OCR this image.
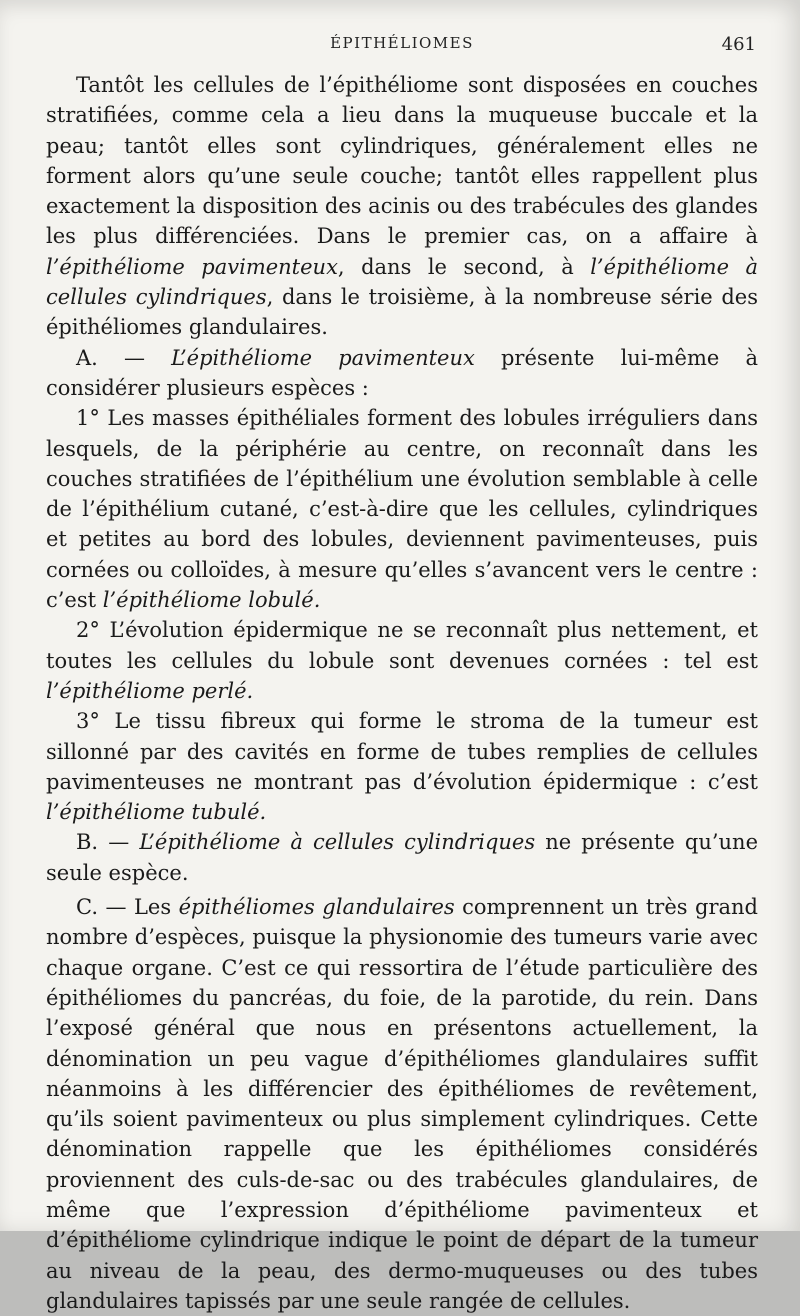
ÉPITHÉLIOMES	461

Tantôt les cellules de l’épithéliome sont disposées en couches stratifiées, comme cela a lieu dans la muqueuse buccale et la peau; tantôt elles sont cylindriques, généralement elles ne forment alors qu’une seule couche; tantôt elles rappellent plus exactement la disposition des acinis ou des trabécules des glandes les plus différenciées. Dans le premier cas, on a affaire à l’épithéliome pavimenteux, dans le second, à l’épithéliome à cellules cylindriques, dans le troisième, à la nombreuse série des épithéliomes glandulaires.

A. — L’épithéliome pavimenteux présente lui-même à considérer plusieurs espèces :

1° Les masses épithéliales forment des lobules irréguliers dans lesquels, de la périphérie au centre, on reconnaît dans les couches stratifiées de l’épithélium une évolution semblable à celle de l’épithélium cutané, c’est-à-dire que les cellules, cylindriques et petites au bord des lobules, deviennent pavimenteuses, puis cornées ou colloïdes, à mesure qu’elles s’avancent vers le centre : c’est l’épithéliome lobulé.

2° L’évolution épidermique ne se reconnaît plus nettement, et toutes les cellules du lobule sont devenues cornées : tel est l’épithéliome perlé.

3° Le tissu fibreux qui forme le stroma de la tumeur est sillonné par des cavités en forme de tubes remplies de cellules pavimenteuses ne montrant pas d’évolution épidermique : c’est l’épithéliome tubulé.

B. — L’épithéliome à cellules cylindriques ne présente qu’une seule espèce.

C. — Les épithéliomes glandulaires comprennent un très grand nombre d’espèces, puisque la physionomie des tumeurs varie avec chaque organe. C’est ce qui ressortira de l’étude particulière des épithéliomes du pancréas, du foie, de la parotide, du rein. Dans l’exposé général que nous en présentons actuellement, la dénomination un peu vague d’épithéliomes glandulaires suffit néanmoins à les différencier des épithéliomes de revêtement, qu’ils soient pavimenteux ou plus simplement cylindriques. Cette dénomination rappelle que les épithéliomes considérés proviennent des culs-de-sac ou des trabécules glandulaires, de même que l’expression d’épithéliome pavimenteux et d’épithéliome cylindrique indique le point de départ de la tumeur au niveau de la peau, des dermo-muqueuses ou des tubes glandulaires tapissés par une seule rangée de cellules.
